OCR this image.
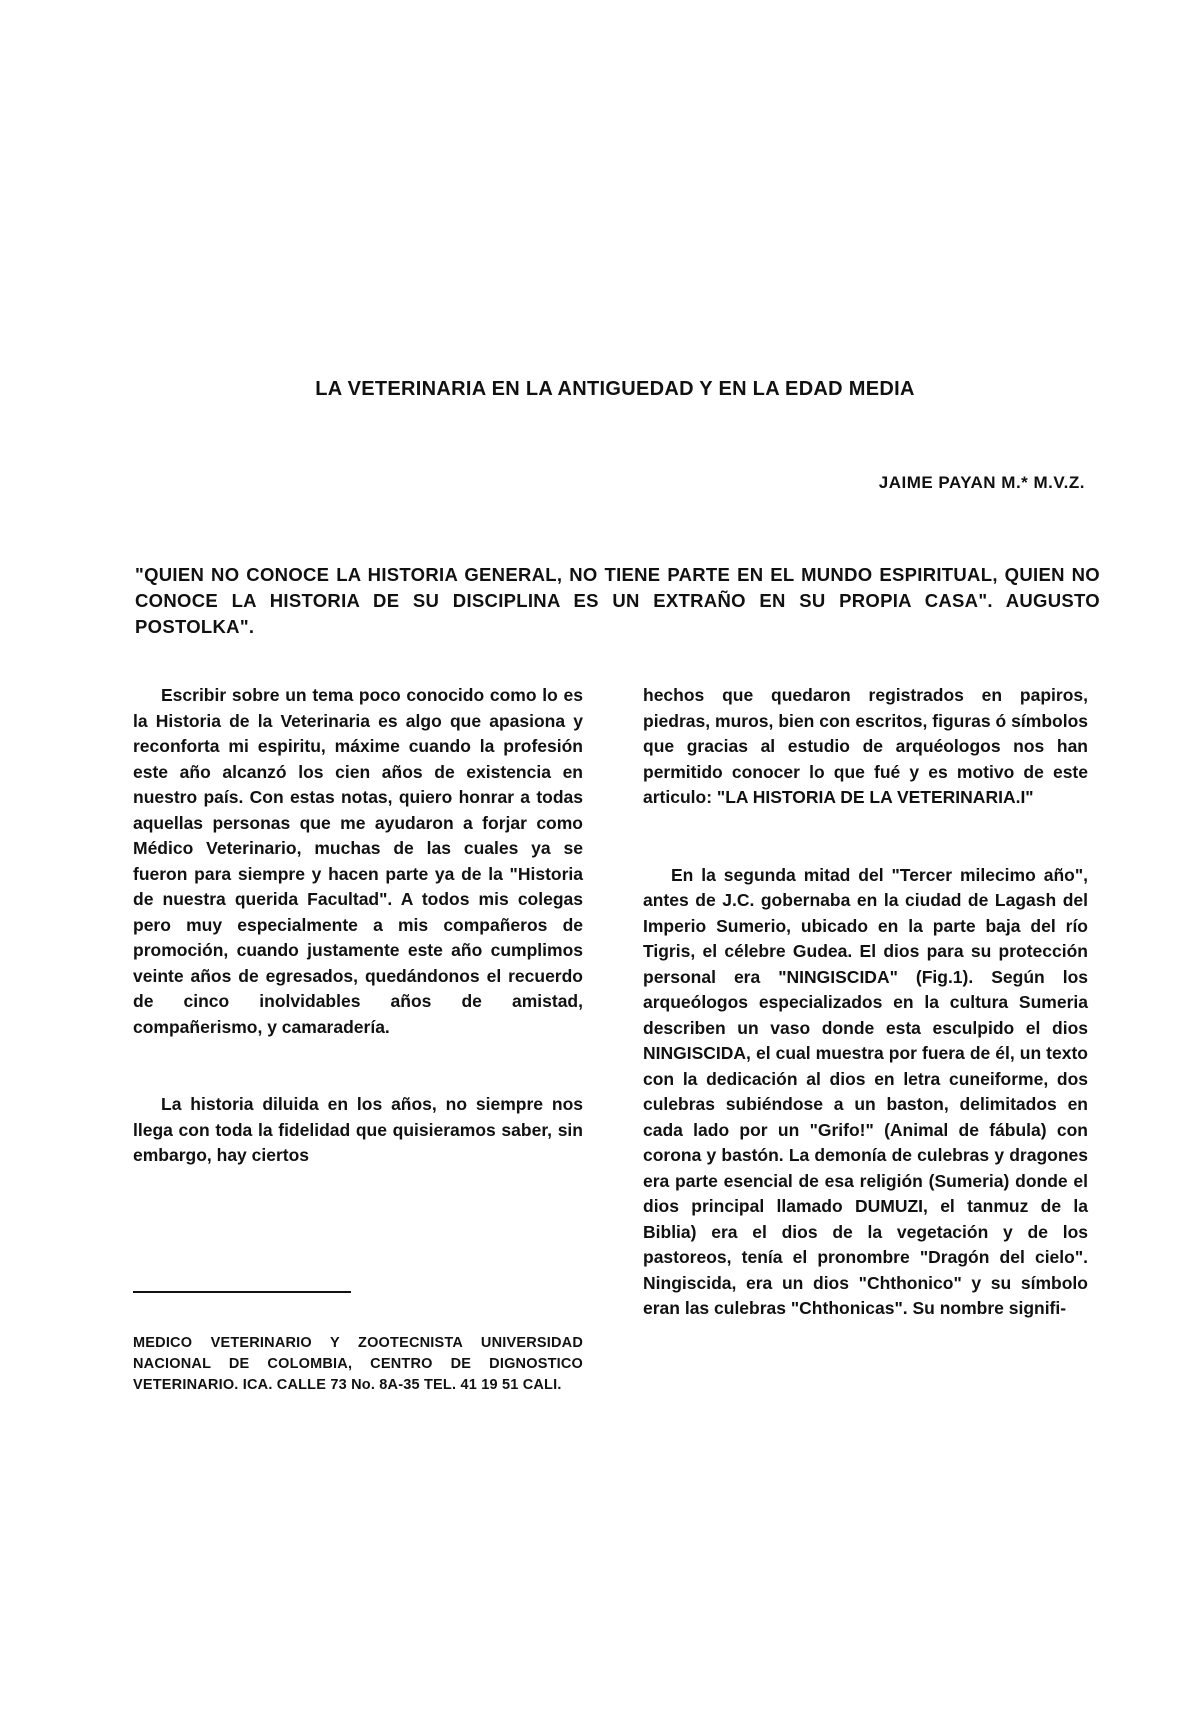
LA VETERINARIA EN LA ANTIGUEDAD Y EN LA EDAD MEDIA
JAIME PAYAN M.* M.V.Z.
"QUIEN NO CONOCE LA HISTORIA GENERAL, NO TIENE PARTE EN EL MUNDO ESPIRITUAL, QUIEN NO CONOCE LA HISTORIA DE SU DISCIPLINA ES UN EXTRAÑO EN SU PROPIA CASA". AUGUSTO POSTOLKA".

Escribir sobre un tema poco conocido como lo es la Historia de la Veterinaria es algo que apasiona y reconforta mi espiritu, máxime cuando la profesión este año alcanzó los cien años de existencia en nuestro país. Con estas notas, quiero honrar a todas aquellas personas que me ayudaron a forjar como Médico Veterinario, muchas de las cuales ya se fueron para siempre y hacen parte ya de la "Historia de nuestra querida Facultad". A todos mis colegas pero muy especialmente a mis compañeros de promoción, cuando justamente este año cumplimos veinte años de egresados, quedándonos el recuerdo de cinco inolvidables años de amistad, compañerismo, y camaradería.

La historia diluida en los años, no siempre nos llega con toda la fidelidad que quisieramos saber, sin embargo, hay ciertos

MEDICO VETERINARIO Y ZOOTECNISTA UNIVERSIDAD NACIONAL DE COLOMBIA, CENTRO DE DIGNOSTICO VETERINARIO. ICA. CALLE 73 No. 8A-35 TEL. 41 19 51 CALI.

hechos que quedaron registrados en papiros, piedras, muros, bien con escritos, figuras ó símbolos que gracias al estudio de arquéologos nos han permitido conocer lo que fué y es motivo de este articulo: "LA HISTORIA DE LA VETERINARIA.I"

En la segunda mitad del "Tercer milecimo año", antes de J.C. gobernaba en la ciudad de Lagash del Imperio Sumerio, ubicado en la parte baja del río Tigris, el célebre Gudea. El dios para su protección personal era "NINGISCIDA" (Fig.1). Según los arqueólogos especializados en la cultura Sumeria describen un vaso donde esta esculpido el dios NINGISCIDA, el cual muestra por fuera de él, un texto con la dedicación al dios en letra cuneiforme, dos culebras subiéndose a un baston, delimitados en cada lado por un "Grifo!" (Animal de fábula) con corona y bastón. La demonía de culebras y dragones era parte esencial de esa religión (Sumeria) donde el dios principal llamado DUMUZI, el tanmuz de la Biblia) era el dios de la vegetación y de los pastoreos, tenía el pronombre "Dragón del cielo". Ningiscida, era un dios "Chthonico" y su símbolo eran las culebras "Chthonicas". Su nombre signifi-
